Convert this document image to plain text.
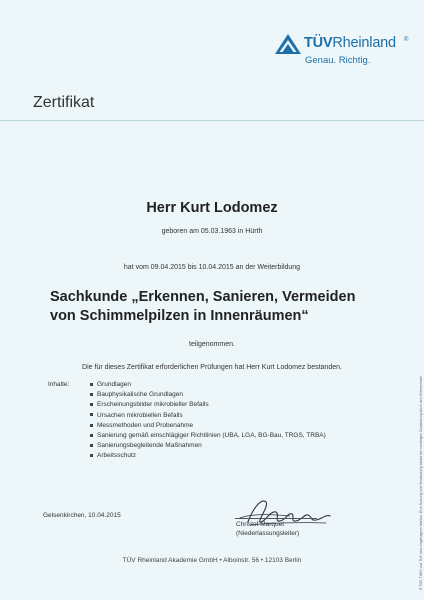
TÜVRheinland ®
Genau. Richtig.
Zertifikat
Herr Kurt Lodomez
geboren am 05.03.1963 in Hürth
hat vom 09.04.2015 bis 10.04.2015 an der Weiterbildung
Sachkunde „Erkennen, Sanieren, Vermeiden
von Schimmelpilzen in Innenräumen“
teilgenommen.
Die für dieses Zertifikat erforderlichen Prüfungen hat Herr Kurt Lodomez bestanden.
Inhalte:	Grundlagen
Bauphysikalische Grundlagen
Erscheinungsbilder mikrobieller Befalls
Ursachen mikrobiellen Befalls
Messmethoden und Probenahme
Sanierung gemäß einschlägiger Richtlinien (UBA, LGA, BG-Bau, TRGS, TRBA)
Sanierungsbegleitende Maßnahmen
Arbeitsschutz
Gelsenkirchen, 10.04.2015
Christof Marquet
(Niederlassungsleiter)
TÜV Rheinland Akademie GmbH • Alboinstr. 56 • 12103 Berlin	® TÜV, TUEV und TUV sind eingetragene Marken. Eine Nutzung und Verwendung bedarf der vorherigen Zustimmung durch den Unternehmen.
